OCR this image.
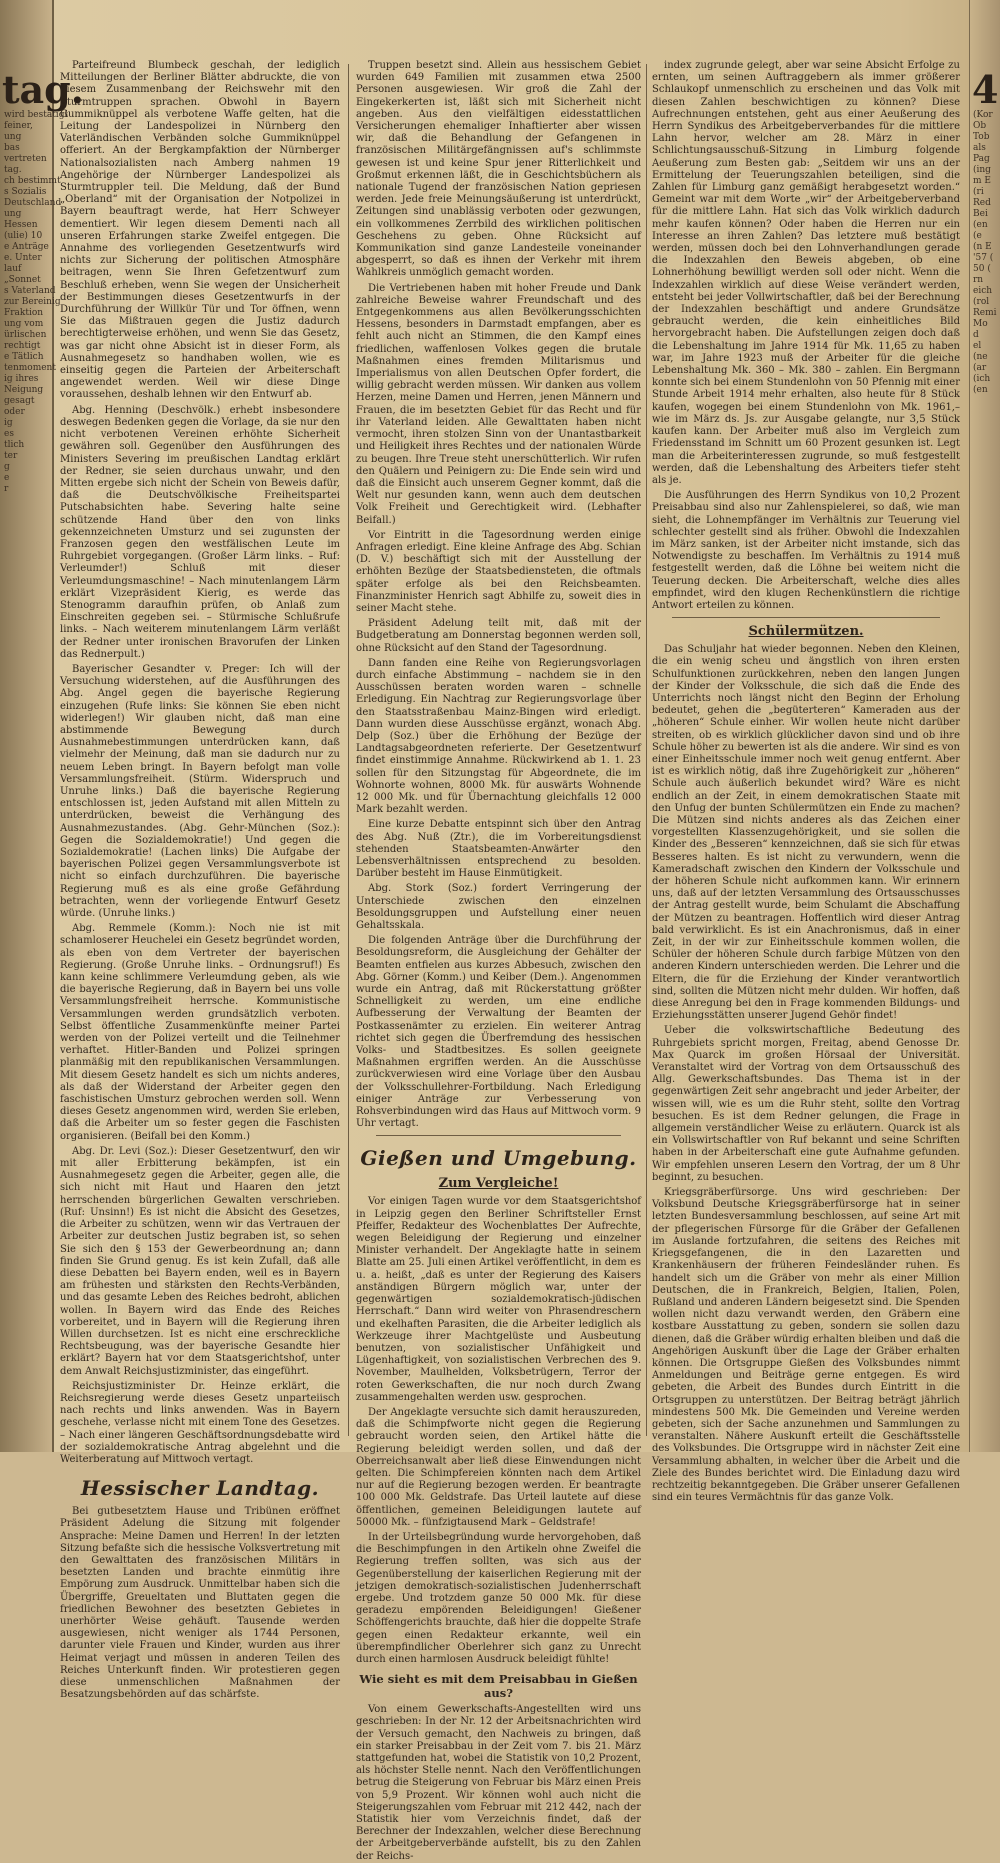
tag.

wird bestätigt

feiner,

ung

bas

vertreten

tag.

ch bestimmt

s Sozialis

Deutschland

ung

Hessen

(ulie) 10

e Anträge

e. Unter

lauf

„Sonnet

s Vaterland

zur Bereinig

Fraktion

ung vom

ürlischen

rechtigt

e Tätlich

tenmoment

ig ihres

Neigung

gesagt

oder

ig

es

tlich

ter

g

e

r

Parteifreund Blumbeck geschah, der lediglich Mitteilungen der Berliner Blätter abdruckte, die von diesem Zusammenbang der Reichswehr mit den Sturmtruppen sprachen. Obwohl in Bayern Gummiknüppel als verbotene Waffe gelten, hat die Leitung der Landespolizei in Nürnberg den Vaterländischen Verbänden solche Gummiknüppel offeriert. An der Bergkampfaktion der Nürnberger Nationalsozialisten nach Amberg nahmen 19 Angehörige der Nürnberger Landespolizei als Sturmtruppler teil. Die Meldung, daß der Bund „Oberland“ mit der Organisation der Notpolizei in Bayern beauftragt werde, hat Herr Schweyer dementiert. Wir legen diesem Dementi nach all unseren Erfahrungen starke Zweifel entgegen. Die Annahme des vorliegenden Gesetzentwurfs wird nichts zur Sicherung der politischen Atmosphäre beitragen, wenn Sie Ihren Gefetzentwurf zum Beschluß erheben, wenn Sie wegen der Unsicherheit der Bestimmungen dieses Gesetzentwurfs in der Durchführung der Willkür Tür und Tor öffnen, wenn Sie das Mißtrauen gegen die Justiz dadurch berechtigterweise erhöhen, und wenn Sie das Gesetz, was gar nicht ohne Absicht ist in dieser Form, als Ausnahmegesetz so handhaben wollen, wie es einseitig gegen die Parteien der Arbeiterschaft angewendet werden. Weil wir diese Dinge voraussehen, deshalb lehnen wir den Entwurf ab.

Abg. Henning (Deschvölk.) erhebt insbesondere deswegen Bedenken gegen die Vorlage, da sie nur den nicht verbotenen Vereinen erhöhte Sicherheit gewähren soll. Gegenüber den Ausführungen des Ministers Severing im preußischen Landtag erklärt der Redner, sie seien durchaus unwahr, und den Mitten ergebe sich nicht der Schein von Beweis dafür, daß die Deutschvölkische Freiheitspartei Putschabsichten habe. Severing halte seine schützende Hand über den von links gekennzeichneten Umsturz und sei zugunsten der Franzosen gegen den westfälischen Leute im Ruhrgebiet vorgegangen. (Großer Lärm links. – Ruf: Verleumder!) Schluß mit dieser Verleumdungsmaschine! – Nach minutenlangem Lärm erklärt Vizepräsident Kierig, es werde das Stenogramm daraufhin prüfen, ob Anlaß zum Einschreiten gegeben sei. – Stürmische Schlußrufe links. – Nach weiterem minutenlangem Lärm verläßt der Redner unter ironischen Bravorufen der Linken das Rednerpult.)

Bayerischer Gesandter v. Preger: Ich will der Versuchung widerstehen, auf die Ausführungen des Abg. Angel gegen die bayerische Regierung einzugehen (Rufe links: Sie können Sie eben nicht widerlegen!) Wir glauben nicht, daß man eine abstimmende Bewegung durch Ausnahmebestimmungen unterdrücken kann, daß vielmehr der Meinung, daß man sie dadurch nur zu neuem Leben bringt. In Bayern befolgt man volle Versammlungsfreiheit. (Stürm. Widerspruch und Unruhe links.) Daß die bayerische Regierung entschlossen ist, jeden Aufstand mit allen Mitteln zu unterdrücken, beweist die Verhängung des Ausnahmezustandes. (Abg. Gehr-München (Soz.): Gegen die Sozialdemokratie!) Und gegen die Sozialdemokratie! (Lachen links) Die Aufgabe der bayerischen Polizei gegen Versammlungsverbote ist nicht so einfach durchzuführen. Die bayerische Regierung muß es als eine große Gefährdung betrachten, wenn der vorliegende Entwurf Gesetz würde. (Unruhe links.)

Abg. Remmele (Komm.): Noch nie ist mit schamloserer Heuchelei ein Gesetz begründet worden, als eben von dem Vertreter der bayerischen Regierung. (Große Unruhe links. – Ordnungsruf!) Es kann keine schlimmere Verleumdung geben, als wie die bayerische Regierung, daß in Bayern bei uns volle Versammlungsfreiheit herrsche. Kommunistische Versammlungen werden grundsätzlich verboten. Selbst öffentliche Zusammenkünfte meiner Partei werden von der Polizei verteilt und die Teilnehmer verhaftet. Hitler-Banden und Polizei springen planmäßig mit den republikanischen Versammlungen. Mit diesem Gesetz handelt es sich um nichts anderes, als daß der Widerstand der Arbeiter gegen den faschistischen Umsturz gebrochen werden soll. Wenn dieses Gesetz angenommen wird, werden Sie erleben, daß die Arbeiter um so fester gegen die Faschisten organisieren. (Beifall bei den Komm.)

Abg. Dr. Levi (Soz.): Dieser Gesetzentwurf, den wir mit aller Erbitterung bekämpfen, ist ein Ausnahmegesetz gegen die Arbeiter, gegen alle, die sich nicht mit Haut und Haaren den jetzt herrschenden bürgerlichen Gewalten verschrieben. (Ruf: Unsinn!) Es ist nicht die Absicht des Gesetzes, die Arbeiter zu schützen, wenn wir das Vertrauen der Arbeiter zur deutschen Justiz begraben ist, so sehen Sie sich den § 153 der Gewerbeordnung an; dann finden Sie Grund genug. Es ist kein Zufall, daß alle diese Debatten bei Bayern enden, weil es in Bayern am frühesten und stärksten den Rechts-Verbänden, und das gesamte Leben des Reiches bedroht, ablichen wollen. In Bayern wird das Ende des Reiches vorbereitet, und in Bayern will die Regierung ihren Willen durchsetzen. Ist es nicht eine erschreckliche Rechtsbeugung, was der bayerische Gesandte hier erklärt? Bayern hat vor dem Staatsgerichtshof, unter dem Anwalt Reichsjustizminister, das eingeführt.

Reichsjustizminister Dr. Heinze erklärt, die Reichsregierung werde dieses Gesetz unparteiisch nach rechts und links anwenden. Was in Bayern geschehe, verlasse nicht mit einem Tone des Gesetzes. – Nach einer längeren Geschäftsordnungsdebatte wird der sozialdemokratische Antrag abgelehnt und die Weiterberatung auf Mittwoch vertagt.

Hessischer Landtag.

Bei gutbesetztem Hause und Tribünen eröffnet Präsident Adelung die Sitzung mit folgender Ansprache: Meine Damen und Herren! In der letzten Sitzung befaßte sich die hessische Volksvertretung mit den Gewalttaten des französischen Militärs in besetzten Landen und brachte einmütig ihre Empörung zum Ausdruck. Unmittelbar haben sich die Übergriffe, Greueltaten und Bluttaten gegen die friedlichen Bewohner des besetzten Gebietes in unerhörter Weise gehäuft. Tausende werden ausgewiesen, nicht weniger als 1744 Personen, darunter viele Frauen und Kinder, wurden aus ihrer Heimat verjagt und müssen in anderen Teilen des Reiches Unterkunft finden. Wir protestieren gegen diese unmenschlichen Maßnahmen der Besatzungsbehörden auf das schärfste.

Truppen besetzt sind. Allein aus hessischem Gebiet wurden 649 Familien mit zusammen etwa 2500 Personen ausgewiesen. Wir groß die Zahl der Eingekerkerten ist, läßt sich mit Sicherheit nicht angeben. Aus den vielfältigen eidesstattlichen Versicherungen ehemaliger Inhaftierter aber wissen wir, daß die Behandlung der Gefangenen in französischen Militärgefängnissen auf's schlimmste gewesen ist und keine Spur jener Ritterlichkeit und Großmut erkennen läßt, die in Geschichtsbüchern als nationale Tugend der französischen Nation gepriesen werden. Jede freie Meinungsäußerung ist unterdrückt, Zeitungen sind unablässig verboten oder gezwungen, ein vollkommenes Zerrbild des wirklichen politischen Geschehens zu geben. Ohne Rücksicht auf Kommunikation sind ganze Landesteile voneinander abgesperrt, so daß es ihnen der Verkehr mit ihrem Wahlkreis unmöglich gemacht worden.

Die Vertriebenen haben mit hoher Freude und Dank zahlreiche Beweise wahrer Freundschaft und des Entgegenkommens aus allen Bevölkerungsschichten Hessens, besonders in Darmstadt empfangen, aber es fehlt auch nicht an Stimmen, die den Kampf eines friedlichen, waffenlosen Volkes gegen die brutale Maßnahmen eines fremden Militarismus und Imperialismus von allen Deutschen Opfer fordert, die willig gebracht werden müssen. Wir danken aus vollem Herzen, meine Damen und Herren, jenen Männern und Frauen, die im besetzten Gebiet für das Recht und für ihr Vaterland leiden. Alle Gewalttaten haben nicht vermocht, ihren stolzen Sinn von der Unantastbarkeit und Heiligkeit ihres Rechtes und der nationalen Würde zu beugen. Ihre Treue steht unerschütterlich. Wir rufen den Quälern und Peinigern zu: Die Ende sein wird und daß die Einsicht auch unserem Gegner kommt, daß die Welt nur gesunden kann, wenn auch dem deutschen Volk Freiheit und Gerechtigkeit wird. (Lebhafter Beifall.)

Vor Eintritt in die Tagesordnung werden einige Anfragen erledigt. Eine kleine Anfrage des Abg. Schian (D. V.) beschäftigt sich mit der Ausstellung der erhöhten Bezüge der Staatsbediensteten, die oftmals später erfolge als bei den Reichsbeamten. Finanzminister Henrich sagt Abhilfe zu, soweit dies in seiner Macht stehe.

Präsident Adelung teilt mit, daß mit der Budgetberatung am Donnerstag begonnen werden soll, ohne Rücksicht auf den Stand der Tagesordnung.

Dann fanden eine Reihe von Regierungsvorlagen durch einfache Abstimmung – nachdem sie in den Ausschüssen beraten worden waren – schnelle Erledigung. Ein Nachtrag zur Regierungsvorlage über den Staatsstraßenbau Mainz-Bingen wird erledigt. Dann wurden diese Ausschüsse ergänzt, wonach Abg. Delp (Soz.) über die Erhöhung der Bezüge der Landtagsabgeordneten referierte. Der Gesetzentwurf findet einstimmige Annahme. Rückwirkend ab 1. 1. 23 sollen für den Sitzungstag für Abgeordnete, die im Wohnorte wohnen, 8000 Mk. für auswärts Wohnende 12 000 Mk. und für Übernachtung gleichfalls 12 000 Mark bezahlt werden.

Eine kurze Debatte entspinnt sich über den Antrag des Abg. Nuß (Ztr.), die im Vorbereitungsdienst stehenden Staatsbeamten-Anwärter den Lebensverhältnissen entsprechend zu besolden. Darüber besteht im Hause Einmütigkeit.

Abg. Stork (Soz.) fordert Verringerung der Unterschiede zwischen den einzelnen Besoldungsgruppen und Aufstellung einer neuen Gehaltsskala.

Die folgenden Anträge über die Durchführung der Besoldungsreform, die Ausgleichung der Gehälter der Beamten entfielen aus kurzes Abbesuch, zwischen den Abg. Görner (Komm.) und Keiber (Dem.). Angenommen wurde ein Antrag, daß mit Rückerstattung größter Schnelligkeit zu werden, um eine endliche Aufbesserung der Verwaltung der Beamten der Postkassenämter zu erzielen. Ein weiterer Antrag richtet sich gegen die Überfremdung des hessischen Volks- und Stadtbesitzes. Es sollen geeignete Maßnahmen ergriffen werden. An die Ausschüsse zurückverwiesen wird eine Vorlage über den Ausbau der Volksschullehrer-Fortbildung. Nach Erledigung einiger Anträge zur Verbesserung von Rohsverbindungen wird das Haus auf Mittwoch vorm. 9 Uhr vertagt.

Gießen und Umgebung.
Zum Vergleiche!

Vor einigen Tagen wurde vor dem Staatsgerichtshof in Leipzig gegen den Berliner Schriftsteller Ernst Pfeiffer, Redakteur des Wochenblattes Der Aufrechte, wegen Beleidigung der Regierung und einzelner Minister verhandelt. Der Angeklagte hatte in seinem Blatte am 25. Juli einen Artikel veröffentlicht, in dem es u. a. heißt, „daß es unter der Regierung des Kaisers anständigen Bürgern möglich war, unter der gegenwärtigen sozialdemokratisch-jüdischen Herrschaft.“ Dann wird weiter von Phrasendreschern und ekelhaften Parasiten, die die Arbeiter lediglich als Werkzeuge ihrer Machtgelüste und Ausbeutung benutzen, von sozialistischer Unfähigkeit und Lügenhaftigkeit, von sozialistischen Verbrechen des 9. November, Maulhelden, Volksbetrügern, Terror der roten Gewerkschaften, die nur noch durch Zwang zusammengehalten werden usw. gesprochen.

Der Angeklagte versuchte sich damit herauszureden, daß die Schimpfworte nicht gegen die Regierung gebraucht worden seien, den Artikel hätte die Regierung beleidigt werden sollen, und daß der Oberreichsanwalt aber ließ diese Einwendungen nicht gelten. Die Schimpfereien könnten nach dem Artikel nur auf die Regierung bezogen werden. Er beantragte 100 000 Mk. Geldstrafe. Das Urteil lautete auf diese öffentlichen, gemeinen Beleidigungen lautete auf 50000 Mk. – fünfzigtausend Mark – Geldstrafe!

In der Urteilsbegründung wurde hervorgehoben, daß die Beschimpfungen in den Artikeln ohne Zweifel die Regierung treffen sollten, was sich aus der Gegenüberstellung der kaiserlichen Regierung mit der jetzigen demokratisch-sozialistischen Judenherrschaft ergebe. Und trotzdem ganze 50 000 Mk. für diese geradezu empörenden Beleidigungen! Gießener Schöffengerichts brauchte, daß hier die doppelte Strafe gegen einen Redakteur erkannte, weil ein überempfindlicher Oberlehrer sich ganz zu Unrecht durch einen harmlosen Ausdruck beleidigt fühlte!

Wie sieht es mit dem Preisabbau in Gießen aus?

Von einem Gewerkschafts-Angestellten wird uns geschrieben: In der Nr. 12 der Arbeitsnachrichten wird der Versuch gemacht, den Nachweis zu bringen, daß ein starker Preisabbau in der Zeit vom 7. bis 21. März stattgefunden hat, wobei die Statistik von 10,2 Prozent, als höchster Stelle nennt. Nach den Veröffentlichungen betrug die Steigerung von Februar bis März einen Preis von 5,9 Prozent. Wir können wohl auch nicht die Steigerungszahlen vom Februar mit 212 442, nach der Statistik hier vom Verzeichnis findet, daß der Berechner der Indexzahlen, welcher diese Berechnung der Arbeitgeberverbände aufstellt, bis zu den Zahlen der Reichs-

index zugrunde gelegt, aber war seine Absicht Erfolge zu ernten, um seinen Auftraggebern als immer größerer Schlaukopf unmenschlich zu erscheinen und das Volk mit diesen Zahlen beschwichtigen zu können? Diese Aufrechnungen entstehen, geht aus einer Aeußerung des Herrn Syndikus des Arbeitgeberverbandes für die mittlere Lahn hervor, welcher am 28. März in einer Schlichtungsausschuß-Sitzung in Limburg folgende Aeußerung zum Besten gab: „Seitdem wir uns an der Ermittelung der Teuerungszahlen beteiligen, sind die Zahlen für Limburg ganz gemäßigt herabgesetzt worden.“ Gemeint war mit dem Worte „wir“ der Arbeitgeberverband für die mittlere Lahn. Hat sich das Volk wirklich dadurch mehr kaufen können? Oder haben die Herren nur ein Interesse an ihren Zahlen? Das letztere muß bestätigt werden, müssen doch bei den Lohnverhandlungen gerade die Indexzahlen den Beweis abgeben, ob eine Lohnerhöhung bewilligt werden soll oder nicht. Wenn die Indexzahlen wirklich auf diese Weise verändert werden, entsteht bei jeder Vollwirtschaftler, daß bei der Berechnung der Indexzahlen beschäftigt und andere Grundsätze gebraucht werden, die kein einheitliches Bild hervorgebracht haben. Die Aufstellungen zeigen doch daß die Lebenshaltung im Jahre 1914 für Mk. 11,65 zu haben war, im Jahre 1923 muß der Arbeiter für die gleiche Lebenshaltung Mk. 360 – Mk. 380 – zahlen. Ein Bergmann konnte sich bei einem Stundenlohn von 50 Pfennig mit einer Stunde Arbeit 1914 mehr erhalten, also heute für 8 Stück kaufen, wogegen bei einem Stundenlohn von Mk. 1961,– wie im März ds. Js. zur Ausgabe gelangte, nur 3,5 Stück kaufen kann. Der Arbeiter muß also im Vergleich zum Friedensstand im Schnitt um 60 Prozent gesunken ist. Legt man die Arbeiterinteressen zugrunde, so muß festgestellt werden, daß die Lebenshaltung des Arbeiters tiefer steht als je.

Die Ausführungen des Herrn Syndikus von 10,2 Prozent Preisabbau sind also nur Zahlenspielerei, so daß, wie man sieht, die Lohnempfänger im Verhältnis zur Teuerung viel schlechter gestellt sind als früher. Obwohl die Indexzahlen im März sanken, ist der Arbeiter nicht imstande, sich das Notwendigste zu beschaffen. Im Verhältnis zu 1914 muß festgestellt werden, daß die Löhne bei weitem nicht die Teuerung decken. Die Arbeiterschaft, welche dies alles empfindet, wird den klugen Rechenkünstlern die richtige Antwort erteilen zu können.

Schülermützen.

Das Schuljahr hat wieder begonnen. Neben den Kleinen, die ein wenig scheu und ängstlich von ihren ersten Schulfunktionen zurückkehren, neben den langen Jungen der Kinder der Volksschule, die sich daß die Ende des Unterrichts noch längst nicht den Beginn der Erholung bedeutet, gehen die „begüterteren“ Kameraden aus der „höheren“ Schule einher. Wir wollen heute nicht darüber streiten, ob es wirklich glücklicher davon sind und ob ihre Schule höher zu bewerten ist als die andere. Wir sind es von einer Einheitsschule immer noch weit genug entfernt. Aber ist es wirklich nötig, daß ihre Zugehörigkeit zur „höheren“ Schule auch äußerlich bekundet wird? Wäre es nicht endlich an der Zeit, in einem demokratischen Staate mit den Unfug der bunten Schülermützen ein Ende zu machen? Die Mützen sind nichts anderes als das Zeichen einer vorgestellten Klassenzugehörigkeit, und sie sollen die Kinder des „Besseren“ kennzeichnen, daß sie sich für etwas Besseres halten. Es ist nicht zu verwundern, wenn die Kameradschaft zwischen den Kindern der Volksschule und der höheren Schule nicht aufkommen kann. Wir erinnern uns, daß auf der letzten Versammlung des Ortsausschusses der Antrag gestellt wurde, beim Schulamt die Abschaffung der Mützen zu beantragen. Hoffentlich wird dieser Antrag bald verwirklicht. Es ist ein Anachronismus, daß in einer Zeit, in der wir zur Einheitsschule kommen wollen, die Schüler der höheren Schule durch farbige Mützen von den anderen Kindern unterschieden werden. Die Lehrer und die Eltern, die für die Erziehung der Kinder verantwortlich sind, sollten die Mützen nicht mehr dulden. Wir hoffen, daß diese Anregung bei den in Frage kommenden Bildungs- und Erziehungsstätten unserer Jugend Gehör findet!

Ueber die volkswirtschaftliche Bedeutung des Ruhrgebiets spricht morgen, Freitag, abend Genosse Dr. Max Quarck im großen Hörsaal der Universität. Veranstaltet wird der Vortrag von dem Ortsausschuß des Allg. Gewerkschaftsbundes. Das Thema ist in der gegenwärtigen Zeit sehr angebracht und jeder Arbeiter, der wissen will, wie es um die Ruhr steht, sollte den Vortrag besuchen. Es ist dem Redner gelungen, die Frage in allgemein verständlicher Weise zu erläutern. Quarck ist als ein Vollswirtschaftler von Ruf bekannt und seine Schriften haben in der Arbeiterschaft eine gute Aufnahme gefunden. Wir empfehlen unseren Lesern den Vortrag, der um 8 Uhr beginnt, zu besuchen.

Kriegsgräberfürsorge. Uns wird geschrieben: Der Volksbund Deutsche Kriegsgräberfürsorge hat in seiner letzten Bundesversammlung beschlossen, auf seine Art mit der pflegerischen Fürsorge für die Gräber der Gefallenen im Auslande fortzufahren, die seitens des Reiches mit Kriegsgefangenen, die in den Lazaretten und Krankenhäusern der früheren Feindesländer ruhen. Es handelt sich um die Gräber von mehr als einer Million Deutschen, die in Frankreich, Belgien, Italien, Polen, Rußland und anderen Ländern beigesetzt sind. Die Spenden wollen nicht dazu verwandt werden, den Gräbern eine kostbare Ausstattung zu geben, sondern sie sollen dazu dienen, daß die Gräber würdig erhalten bleiben und daß die Angehörigen Auskunft über die Lage der Gräber erhalten können. Die Ortsgruppe Gießen des Volksbundes nimmt Anmeldungen und Beiträge gerne entgegen. Es wird gebeten, die Arbeit des Bundes durch Eintritt in die Ortsgruppen zu unterstützen. Der Beitrag beträgt jährlich mindestens 500 Mk. Die Gemeinden und Vereine werden gebeten, sich der Sache anzunehmen und Sammlungen zu veranstalten. Nähere Auskunft erteilt die Geschäftsstelle des Volksbundes. Die Ortsgruppe wird in nächster Zeit eine Versammlung abhalten, in welcher über die Arbeit und die Ziele des Bundes berichtet wird. Die Einladung dazu wird rechtzeitig bekanntgegeben. Die Gräber unserer Gefallenen sind ein teures Vermächtnis für das ganze Volk.

4

(Kor

Ob

Tob

als

Pag

(ing

m E

(ri

Red

Bei

(en

(e

(n E

'57 (

50 (

rn

eich

(rol

Remi

Mo

d

el

(ne

(ar

(ich

(en
